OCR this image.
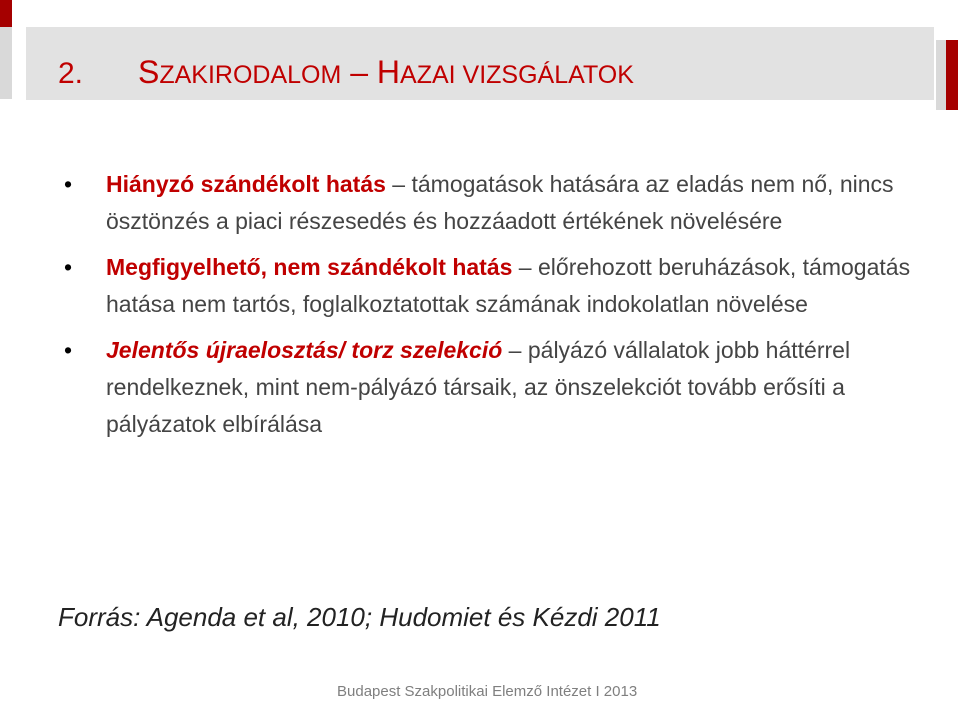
2. SZAKIRODALOM – HAZAI VIZSGÁLATOK
•	Hiányzó szándékolt hatás – támogatások hatására az eladás nem nő, nincs ösztönzés a piaci részesedés és hozzáadott értékének növelésére
•	Megfigyelhető, nem szándékolt hatás – előrehozott beruházások, támogatás hatása nem tartós, foglalkoztatottak számának indokolatlan növelése
•	Jelentős újraelosztás/ torz szelekció – pályázó vállalatok jobb háttérrel rendelkeznek, mint nem-pályázó társaik, az önszelekciót tovább erősíti a pályázatok elbírálása

Forrás: Agenda et al, 2010; Hudomiet és Kézdi 2011

Budapest Szakpolitikai Elemző Intézet I 2013
